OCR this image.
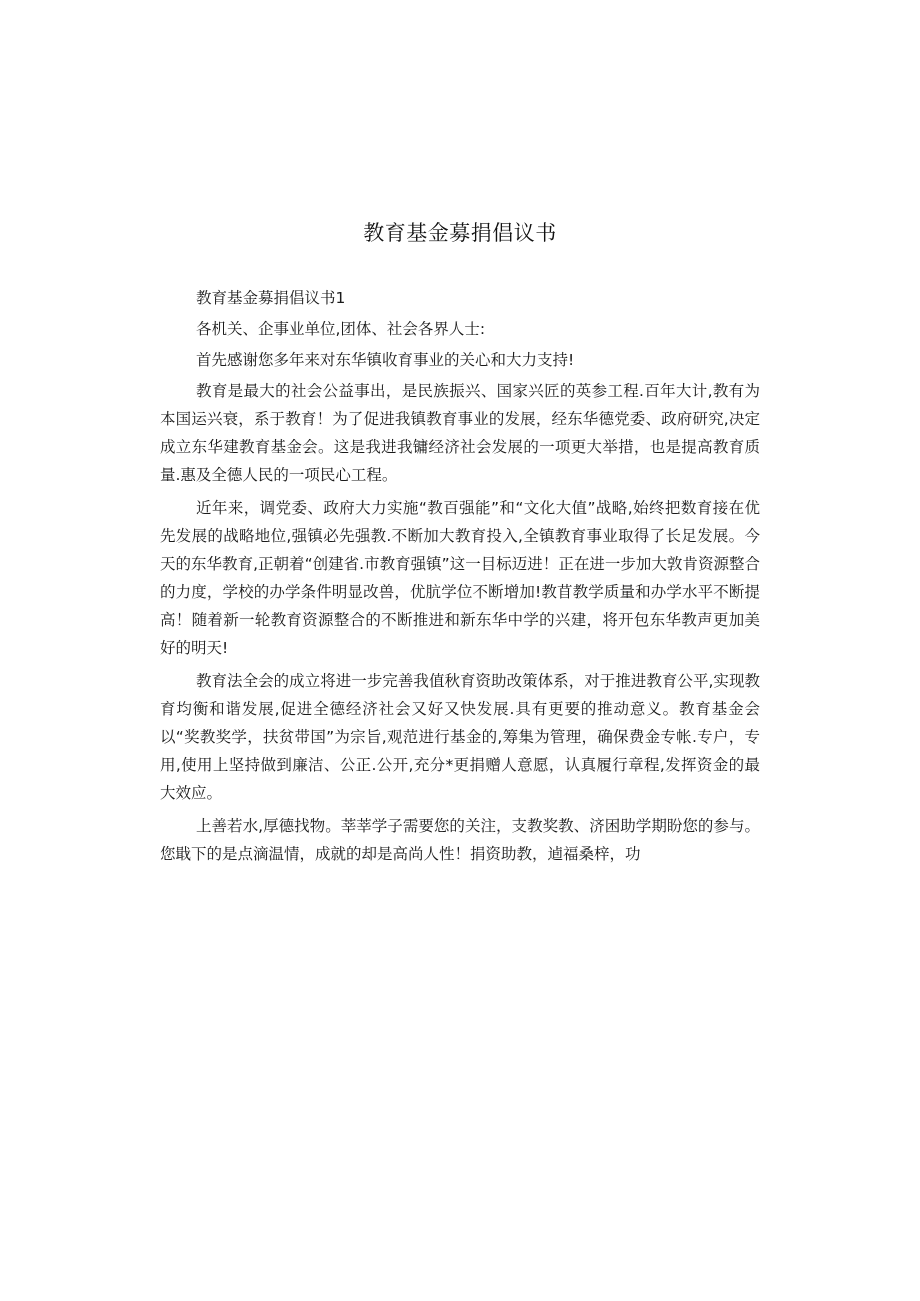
教育基金募捐倡议书

教育基金募捐倡议书1

各机关、企事业单位,团体、社会各界人士:

首先感谢您多年来对东华镇收育事业的关心和大力支持!

教育是最大的社会公益事出，是民族振兴、国家兴匠的英参工程.百年大计,教有为本国运兴衰，系于教育！为了促进我镇教育事业的发展，经东华德党委、政府研究,决定成立东华建教育基金会。这是我进我镛经济社会发展的一项更大举措，也是提高教育质量.惠及全德人民的一项民心工程。

近年来，调党委、政府大力实施“教百强能”和“文化大值”战略,始终把数育接在优先发展的战略地位,强镇必先强教.不断加大教育投入,全镇教育事业取得了长足发展。今天的东华教育,正朝着“创建省.市教育强镇”这一目标迈进！正在进一步加大敦肯资源整合的力度，学校的办学条件明显改兽，优肮学位不断增加!教苜教学质量和办学水平不断提高！随着新一轮教育资源整合的不断推进和新东华中学的兴建，将开包东华教声更加美好的明天!

教育法全会的成立将进一步完善我值秋育资助改策体系，对于推进教育公平,实现教育均衡和谐发展,促进全德经济社会又好又快发展.具有更要的推动意义。教育基金会以“奖教奖学，扶贫带国”为宗旨,观范进行基金的,筹集为管理，确保费金专帐.专户，专用,使用上坚持做到廉洁、公正.公开,充分*更捐赠人意愿，认真履行章程,发挥资金的最大效应。

上善若水,厚德找物。莘莘学子需要您的关注，支教奖教、济困助学期盼您的参与。您戢下的是点滴温情，成就的却是高尚人性！捐资助教，逌福桑梓，功
